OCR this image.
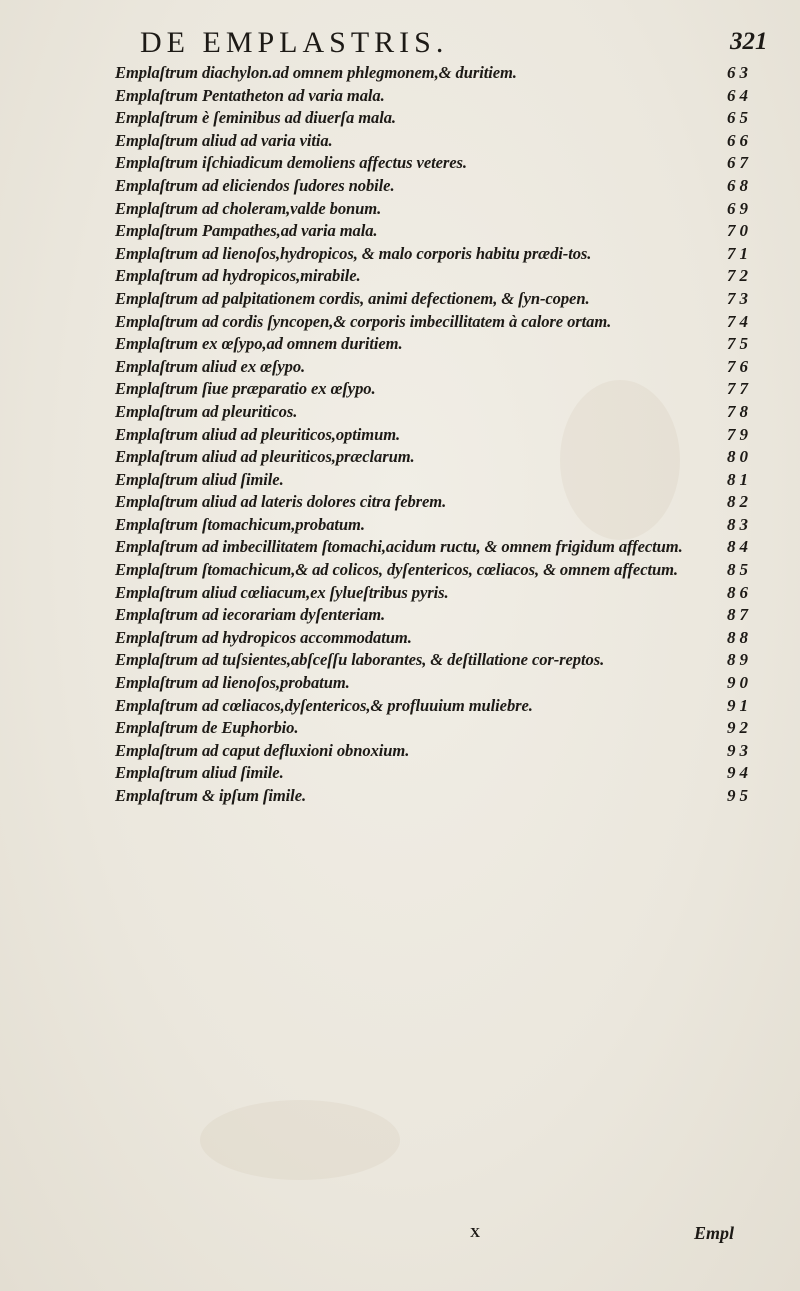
DE EMPLASTRIS.	321
Emplaſtrum diachylon.ad omnem phlegmonem,& duritiem.	63
Emplaſtrum Pentatheton ad varia mala.	64
Emplaſtrum è ſeminibus ad diuerſa mala.	65
Emplaſtrum aliud ad varia vitia.	66
Emplaſtrum iſchiadicum demoliens affectus veteres.	67
Emplaſtrum ad eliciendos ſudores nobile.	68
Emplaſtrum ad choleram,valde bonum.	69
Emplaſtrum Pampathes,ad varia mala.	70
Emplaſtrum ad lienoſos,hydropicos, & malo corporis habitu prædi-tos.	71
Emplaſtrum ad hydropicos,mirabile.	72
Emplaſtrum ad palpitationem cordis, animi defectionem, & ſyn-copen.	73
Emplaſtrum ad cordis ſyncopen,& corporis imbecillitatem à calore ortam.	74
Emplaſtrum ex œſypo,ad omnem duritiem.	75
Emplaſtrum aliud ex œſypo.	76
Emplaſtrum ſiue præparatio ex œſypo.	77
Emplaſtrum ad pleuriticos.	78
Emplaſtrum aliud ad pleuriticos,optimum.	79
Emplaſtrum aliud ad pleuriticos,præclarum.	80
Emplaſtrum aliud ſimile.	81
Emplaſtrum aliud ad lateris dolores citra febrem.	82
Emplaſtrum ſtomachicum,probatum.	83
Emplaſtrum ad imbecillitatem ſtomachi,acidum ructu, & omnem frigidum affectum.	84
Emplaſtrum ſtomachicum,& ad colicos, dyſentericos, cœliacos, & omnem affectum.	85
Emplaſtrum aliud cœliacum,ex ſylueſtribus pyris.	86
Emplaſtrum ad iecorariam dyſenteriam.	87
Emplaſtrum ad hydropicos accommodatum.	88
Emplaſtrum ad tuſsientes,abſceſſu laborantes, & deſtillatione cor-reptos.	89
Emplaſtrum ad lienoſos,probatum.	90
Emplaſtrum ad cœliacos,dyſentericos,& profluuium muliebre.	91
Emplaſtrum de Euphorbio.	92
Emplaſtrum ad caput defluxioni obnoxium.	93
Emplaſtrum aliud ſimile.	94
Emplaſtrum & ipſum ſimile.	95
X	Empl
